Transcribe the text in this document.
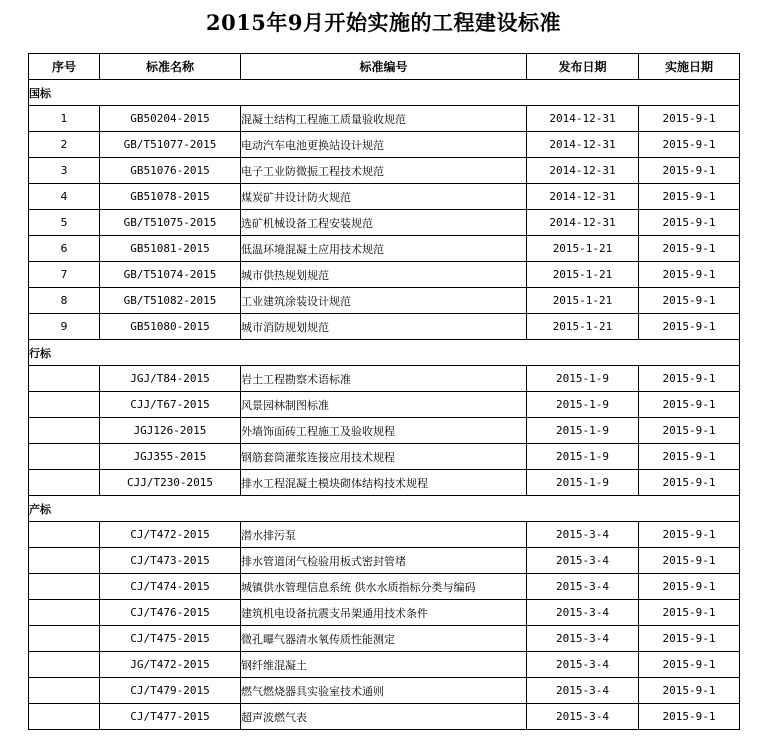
2015年9月开始实施的工程建设标准
序号	标准名称	标准编号	发布日期	实施日期
国标				
1	GB50204-2015	混凝土结构工程施工质量验收规范	2014-12-31	2015-9-1
2	GB/T51077-2015	电动汽车电池更换站设计规范	2014-12-31	2015-9-1
3	GB51076-2015	电子工业防微振工程技术规范	2014-12-31	2015-9-1
4	GB51078-2015	煤炭矿井设计防火规范	2014-12-31	2015-9-1
5	GB/T51075-2015	选矿机械设备工程安装规范	2014-12-31	2015-9-1
6	GB51081-2015	低温环境混凝土应用技术规范	2015-1-21	2015-9-1
7	GB/T51074-2015	城市供热规划规范	2015-1-21	2015-9-1
8	GB/T51082-2015	工业建筑涂装设计规范	2015-1-21	2015-9-1
9	GB51080-2015	城市消防规划规范	2015-1-21	2015-9-1
行标				
	JGJ/T84-2015	岩土工程勘察术语标准	2015-1-9	2015-9-1
	CJJ/T67-2015	风景园林制图标准	2015-1-9	2015-9-1
	JGJ126-2015	外墙饰面砖工程施工及验收规程	2015-1-9	2015-9-1
	JGJ355-2015	钢筋套筒灌浆连接应用技术规程	2015-1-9	2015-9-1
	CJJ/T230-2015	排水工程混凝土模块砌体结构技术规程	2015-1-9	2015-9-1
产标				
	CJ/T472-2015	潜水排污泵	2015-3-4	2015-9-1
	CJ/T473-2015	排水管道闭气检验用板式密封管堵	2015-3-4	2015-9-1
	CJ/T474-2015	城镇供水管理信息系统 供水水质指标分类与编码	2015-3-4	2015-9-1
	CJ/T476-2015	建筑机电设备抗震支吊架通用技术条件	2015-3-4	2015-9-1
	CJ/T475-2015	微孔曝气器清水氧传质性能测定	2015-3-4	2015-9-1
	JG/T472-2015	钢纤维混凝土	2015-3-4	2015-9-1
	CJ/T479-2015	燃气燃烧器具实验室技术通则	2015-3-4	2015-9-1
	CJ/T477-2015	超声波燃气表	2015-3-4	2015-9-1
